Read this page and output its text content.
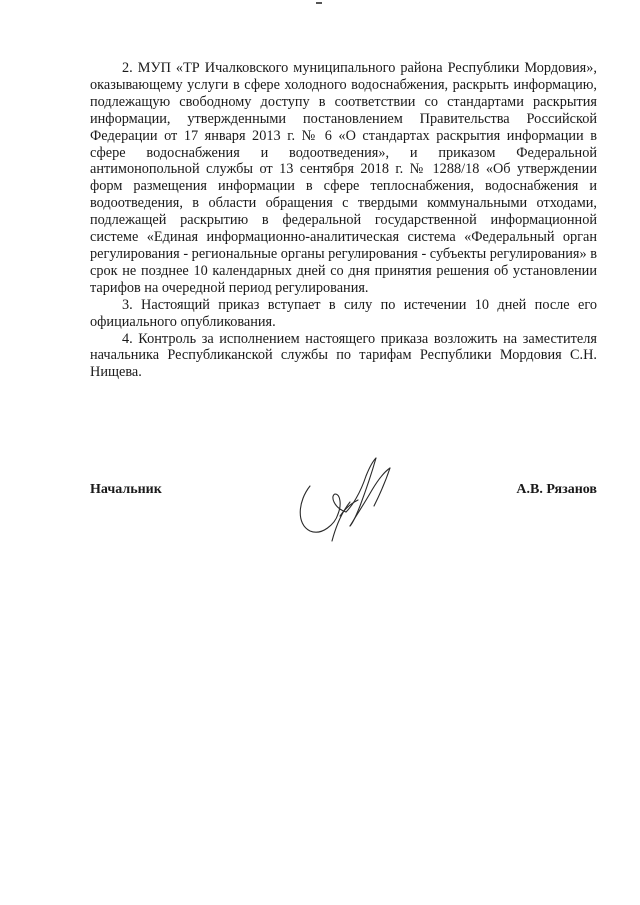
2. МУП «ТР Ичалковского муниципального района Республики Мордовия», оказывающему услуги в сфере холодного водоснабжения, раскрыть информацию, подлежащую свободному доступу в соответствии со стандартами раскрытия информации, утвержденными постановлением Правительства Российской Федерации от 17 января 2013 г. № 6 «О стандартах раскрытия информации в сфере водоснабжения и водоотведения», и приказом Федеральной антимонопольной службы от 13 сентября 2018 г. № 1288/18 «Об утверждении форм размещения информации в сфере теплоснабжения, водоснабжения и водоотведения, в области обращения с твердыми коммунальными отходами, подлежащей раскрытию в федеральной государственной информационной системе «Единая информационно-аналитическая система «Федеральный орган регулирования - региональные органы регулирования - субъекты регулирования» в срок не позднее 10 календарных дней со дня принятия решения об установлении тарифов на очередной период регулирования.

3. Настоящий приказ вступает в силу по истечении 10 дней после его официального опубликования.

4. Контроль за исполнением настоящего приказа возложить на заместителя начальника Республиканской службы по тарифам Республики Мордовия С.Н. Нищева.

Начальник	А.В. Рязанов
